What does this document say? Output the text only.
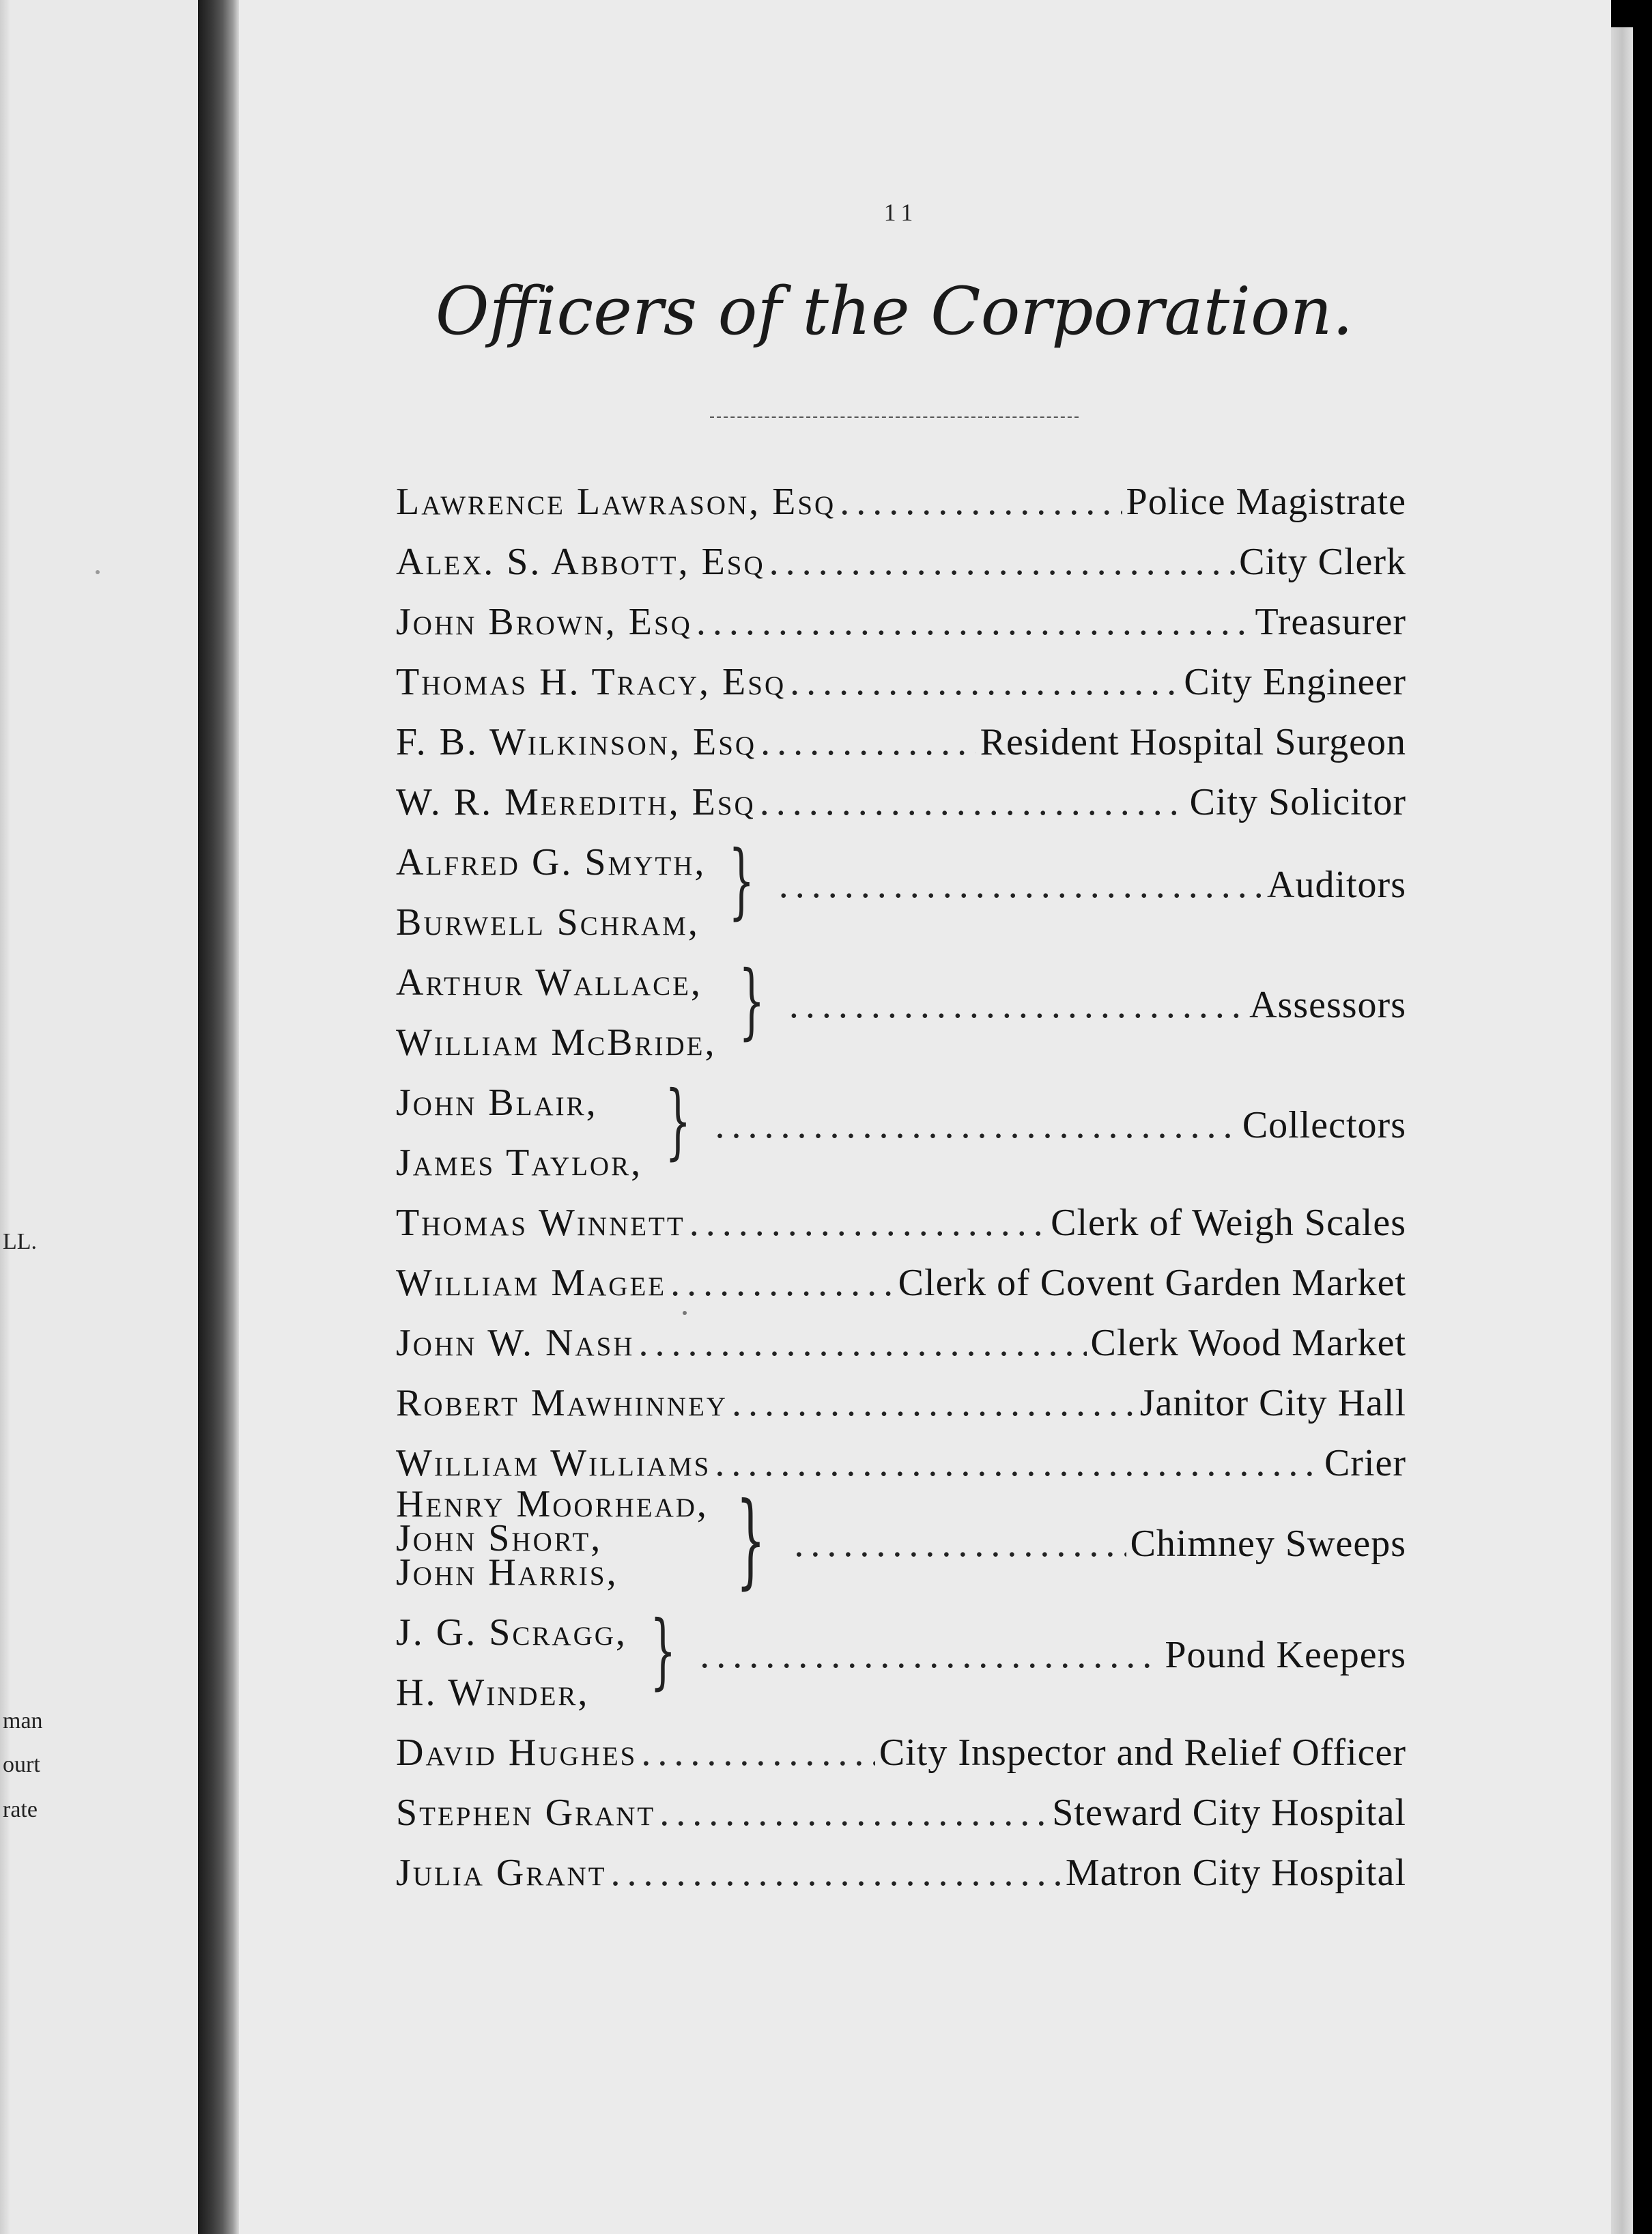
LL.
man
ourt
rate
11
Officers of the Corporation.
Lawrence Lawrason, Esq .....	Police Magistrate
Alex. S. Abbott, Esq .....	City Clerk
John Brown, Esq .....	Treasurer
Thomas H. Tracy, Esq .....	City Engineer
F. B. Wilkinson, Esq .....	Resident Hospital Surgeon
W. R. Meredith, Esq .....	City Solicitor
Alfred G. Smyth,
Burwell Schram, } .....	Auditors
Arthur Wallace,
William McBride, } .....	Assessors
John Blair,
James Taylor, } .....	Collectors
Thomas Winnett .....	Clerk of Weigh Scales
William Magee .....	Clerk of Covent Garden Market
John W. Nash .....	Clerk Wood Market
Robert Mawhinney .....	Janitor City Hall
William Williams .....	Crier
Henry Moorhead,
John Short,
John Harris,	} .....	Chimney Sweeps
J. G. Scragg,
H. Winder, } .....	Pound Keepers
David Hughes .....	City Inspector and Relief Officer
Stephen Grant .....	Steward City Hospital
Julia Grant .....	Matron City Hospital
